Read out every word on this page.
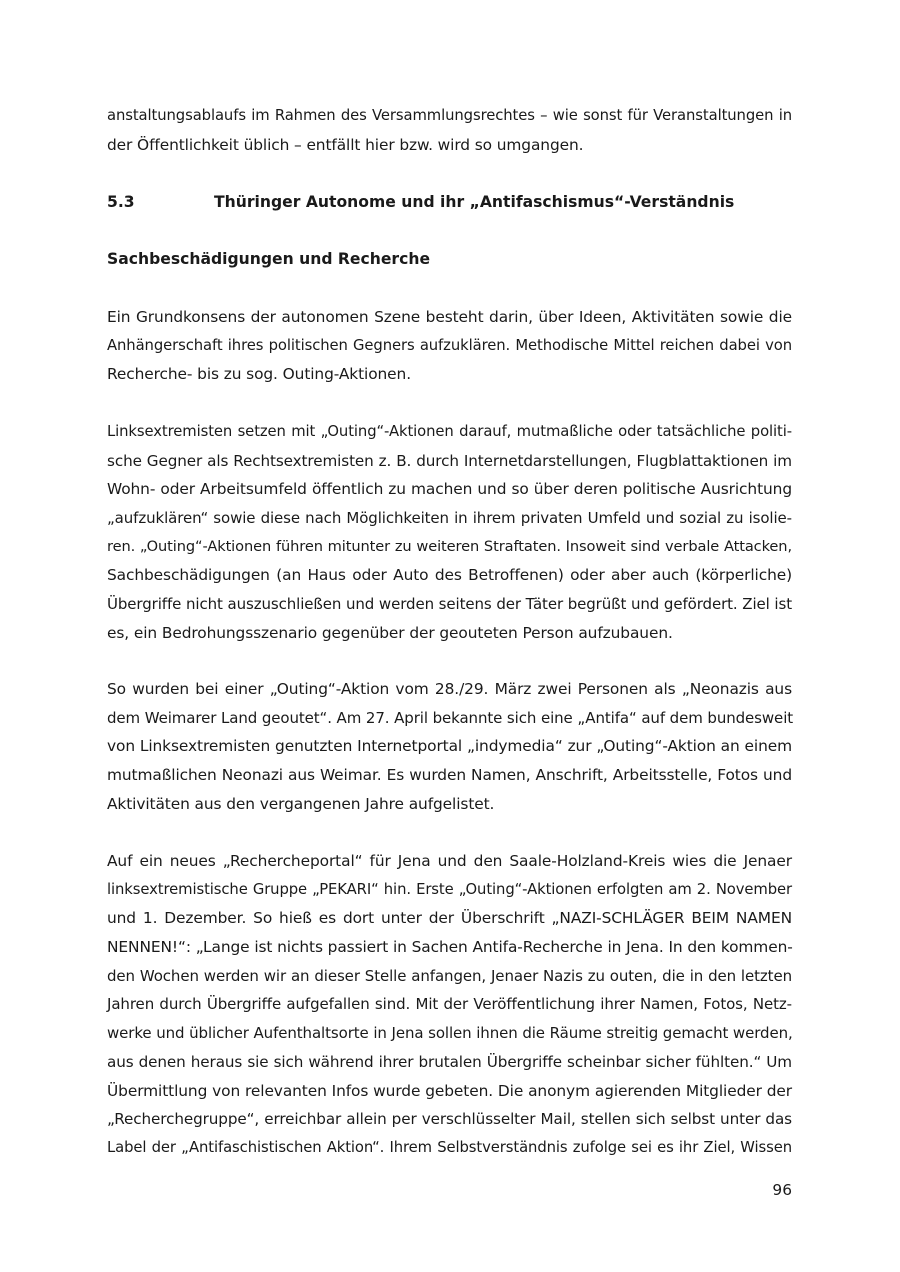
anstaltungsablaufs im Rahmen des Versammlungsrechtes – wie sonst für Veranstaltungen in
der Öffentlichkeit üblich – entfällt hier bzw. wird so umgangen.
5.3	Thüringer Autonome und ihr „Antifaschismus“-Verständnis
Sachbeschädigungen und Recherche
Ein Grundkonsens der autonomen Szene besteht darin, über Ideen, Aktivitäten sowie die
Anhängerschaft ihres politischen Gegners aufzuklären. Methodische Mittel reichen dabei von
Recherche- bis zu sog. Outing-Aktionen.
Linksextremisten setzen mit „Outing“-Aktionen darauf, mutmaßliche oder tatsächliche politi-
sche Gegner als Rechtsextremisten z. B. durch Internetdarstellungen, Flugblattaktionen im
Wohn- oder Arbeitsumfeld öffentlich zu machen und so über deren politische Ausrichtung
„aufzuklären“ sowie diese nach Möglichkeiten in ihrem privaten Umfeld und sozial zu isolie-
ren. „Outing“-Aktionen führen mitunter zu weiteren Straftaten. Insoweit sind verbale Attacken,
Sachbeschädigungen (an Haus oder Auto des Betroffenen) oder aber auch (körperliche)
Übergriffe nicht auszuschließen und werden seitens der Täter begrüßt und gefördert. Ziel ist
es, ein Bedrohungsszenario gegenüber der geouteten Person aufzubauen.
So wurden bei einer „Outing“-Aktion vom 28./29. März zwei Personen als „Neonazis aus
dem Weimarer Land geoutet“. Am 27. April bekannte sich eine „Antifa“ auf dem bundesweit
von Linksextremisten genutzten Internetportal „indymedia“ zur „Outing“-Aktion an einem
mutmaßlichen Neonazi aus Weimar. Es wurden Namen, Anschrift, Arbeitsstelle, Fotos und
Aktivitäten aus den vergangenen Jahre aufgelistet.
Auf ein neues „Rechercheportal“ für Jena und den Saale-Holzland-Kreis wies die Jenaer
linksextremistische Gruppe „PEKARI“ hin. Erste „Outing“-Aktionen erfolgten am 2. November
und 1. Dezember. So hieß es dort unter der Überschrift „NAZI-SCHLÄGER BEIM NAMEN
NENNEN!“: „Lange ist nichts passiert in Sachen Antifa-Recherche in Jena. In den kommen-
den Wochen werden wir an dieser Stelle anfangen, Jenaer Nazis zu outen, die in den letzten
Jahren durch Übergriffe aufgefallen sind. Mit der Veröffentlichung ihrer Namen, Fotos, Netz-
werke und üblicher Aufenthaltsorte in Jena sollen ihnen die Räume streitig gemacht werden,
aus denen heraus sie sich während ihrer brutalen Übergriffe scheinbar sicher fühlten.“ Um
Übermittlung von relevanten Infos wurde gebeten. Die anonym agierenden Mitglieder der
„Recherchegruppe“, erreichbar allein per verschlüsselter Mail, stellen sich selbst unter das
Label der „Antifaschistischen Aktion“. Ihrem Selbstverständnis zufolge sei es ihr Ziel, Wissen
96
